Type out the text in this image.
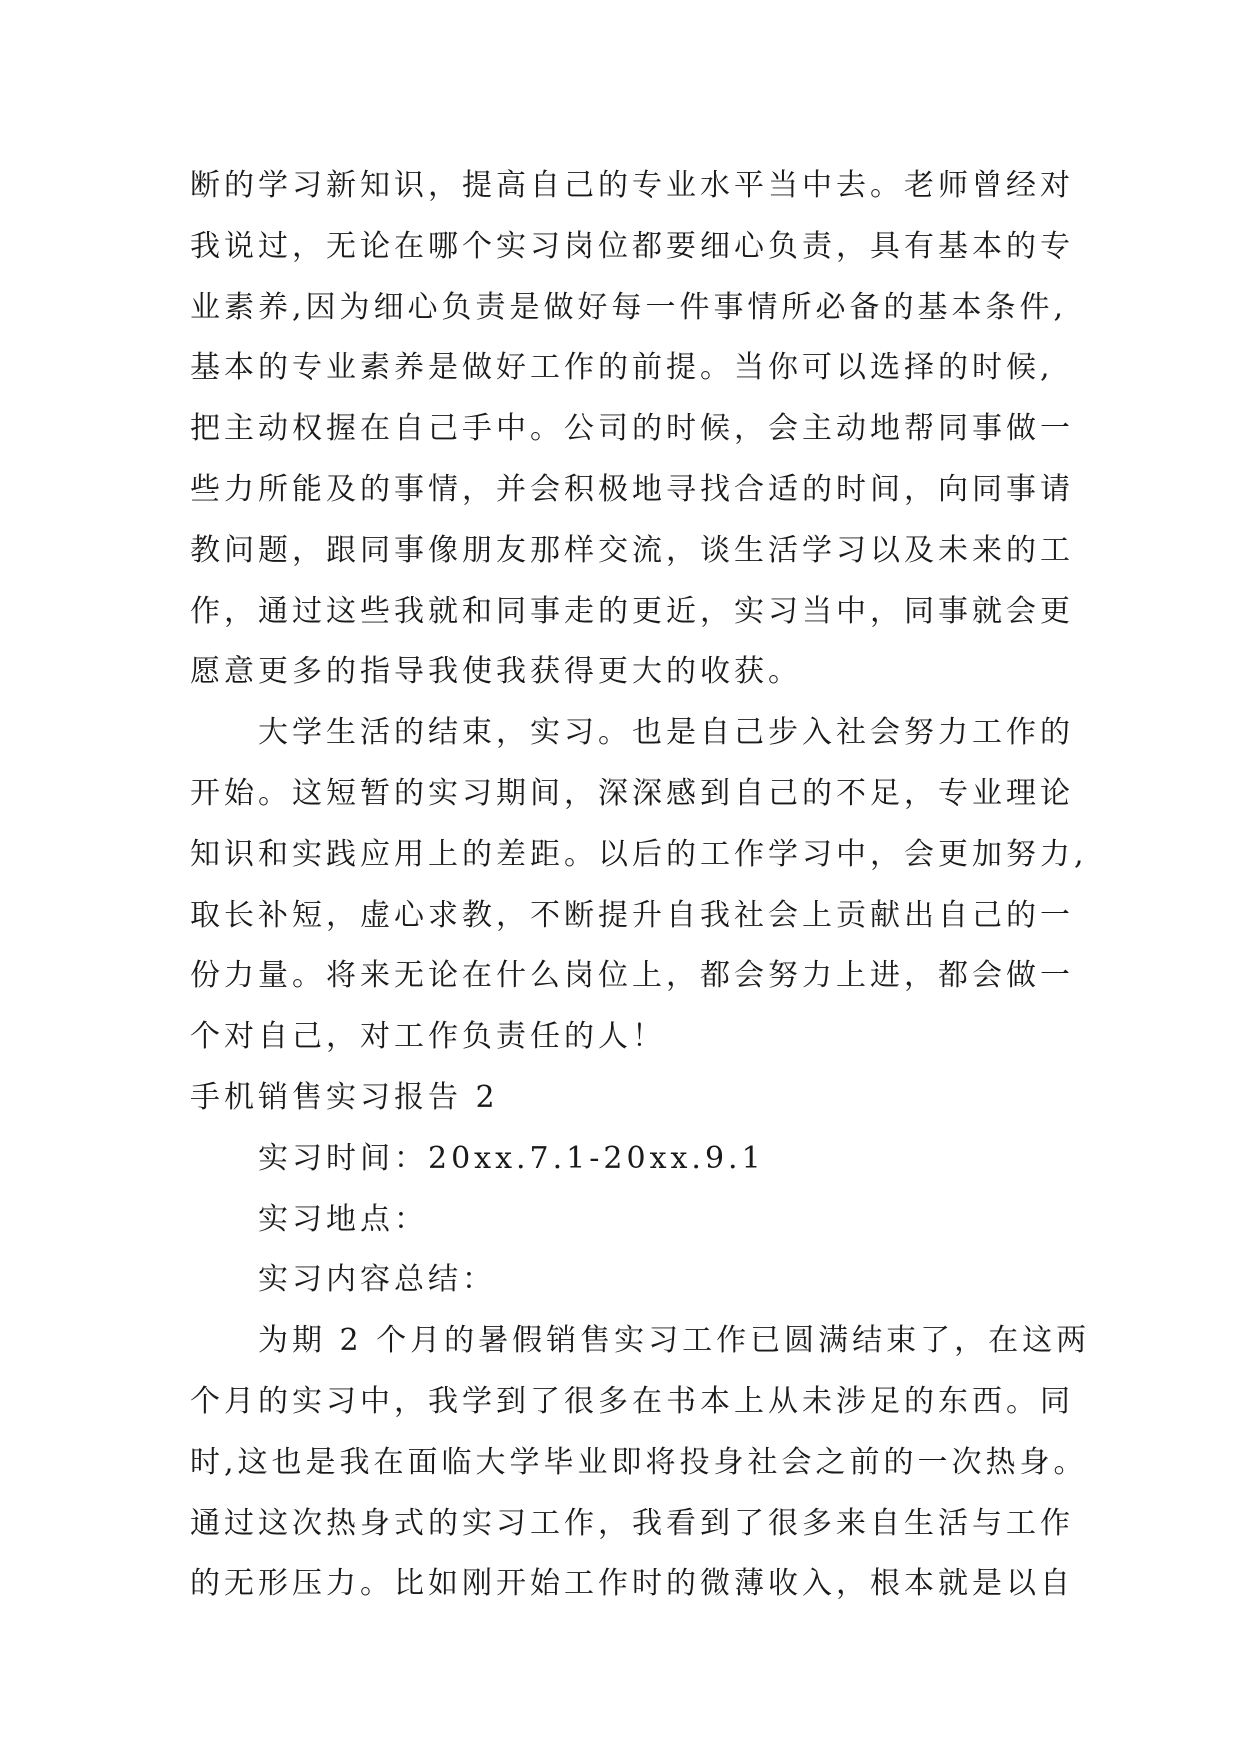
断的学习新知识，提高自己的专业水平当中去。老师曾经对
我说过，无论在哪个实习岗位都要细心负责，具有基本的专
业素养,因为细心负责是做好每一件事情所必备的基本条件,
基本的专业素养是做好工作的前提。当你可以选择的时候,
把主动权握在自己手中。公司的时候，会主动地帮同事做一
些力所能及的事情，并会积极地寻找合适的时间，向同事请
教问题，跟同事像朋友那样交流，谈生活学习以及未来的工
作，通过这些我就和同事走的更近，实习当中，同事就会更
愿意更多的指导我使我获得更大的收获。
大学生活的结束，实习。也是自己步入社会努力工作的
开始。这短暂的实习期间，深深感到自己的不足，专业理论
知识和实践应用上的差距。以后的工作学习中，会更加努力,
取长补短，虚心求教，不断提升自我社会上贡献出自己的一
份力量。将来无论在什么岗位上，都会努力上进，都会做一
个对自己，对工作负责任的人！
手机销售实习报告 2
实习时间：20xx.7.1-20xx.9.1
实习地点：
实习内容总结：
为期 2 个月的暑假销售实习工作已圆满结束了，在这两
个月的实习中，我学到了很多在书本上从未涉足的东西。同
时,这也是我在面临大学毕业即将投身社会之前的一次热身。
通过这次热身式的实习工作，我看到了很多来自生活与工作
的无形压力。比如刚开始工作时的微薄收入，根本就是以自
